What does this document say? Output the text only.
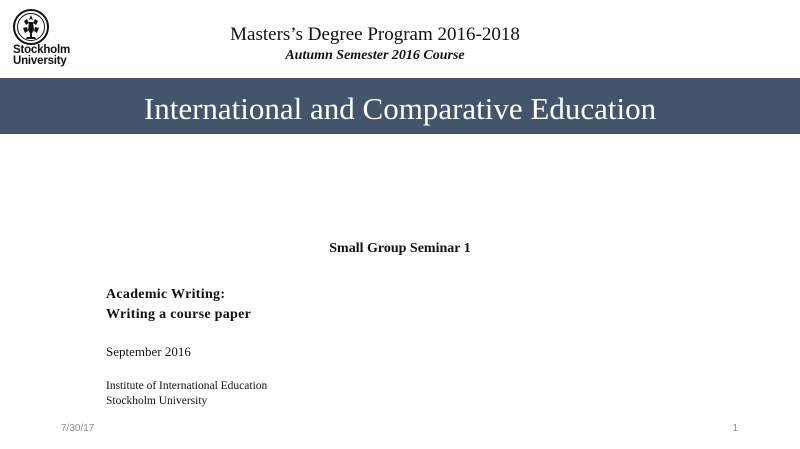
Stockholm
University
Masters’s Degree Program 2016-2018
Autumn Semester 2016 Course
International and Comparative Education
Small Group Seminar 1
Academic Writing:
Writing a course paper
September 2016
Institute of International Education
Stockholm University
7/30/17	1
